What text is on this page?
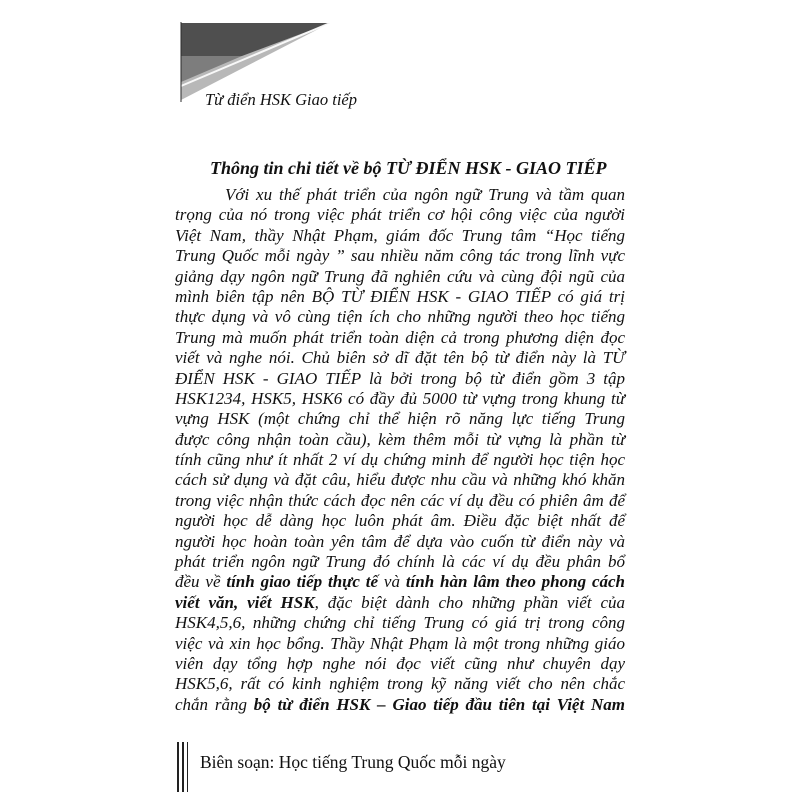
Từ điển HSK Giao tiếp
Thông tin chi tiết về bộ TỪ ĐIỂN HSK - GIAO TIẾP
Với xu thế phát triển của ngôn ngữ Trung và tầm quan
trọng của nó trong việc phát triển cơ hội công việc của người
Việt Nam, thầy Nhật Phạm, giám đốc Trung tâm “Học tiếng
Trung Quốc mỗi ngày ” sau nhiều năm công tác trong lĩnh vực
giảng dạy ngôn ngữ Trung đã nghiên cứu và cùng đội ngũ của
mình biên tập nên BỘ TỪ ĐIỂN HSK - GIAO TIẾP có giá trị
thực dụng và vô cùng tiện ích cho những người theo học tiếng
Trung mà muốn phát triển toàn diện cả trong phương diện đọc
viết và nghe nói. Chủ biên sở dĩ đặt tên bộ từ điển này là TỪ
ĐIỂN HSK - GIAO TIẾP là bởi trong bộ từ điển gồm 3 tập
HSK1234, HSK5, HSK6 có đầy đủ 5000 từ vựng trong khung từ
vựng HSK (một chứng chỉ thể hiện rõ năng lực tiếng Trung
được công nhận toàn cầu), kèm thêm mỗi từ vựng là phần từ
tính cũng như ít nhất 2 ví dụ chứng minh để người học tiện học
cách sử dụng và đặt câu, hiểu được nhu cầu và những khó khăn
trong việc nhận thức cách đọc nên các ví dụ đều có phiên âm để
người học dễ dàng học luôn phát âm. Điều đặc biệt nhất để
người học hoàn toàn yên tâm để dựa vào cuốn từ điển này và
phát triển ngôn ngữ Trung đó chính là các ví dụ đều phân bổ
đều về tính giao tiếp thực tế và tính hàn lâm theo phong cách
viết văn, viết HSK, đặc biệt dành cho những phần viết của
HSK4,5,6, những chứng chỉ tiếng Trung có giá trị trong công
việc và xin học bổng. Thầy Nhật Phạm là một trong những giáo
viên dạy tổng hợp nghe nói đọc viết cũng như chuyên dạy
HSK5,6, rất có kinh nghiệm trong kỹ năng viết cho nên chắc
chắn rằng bộ từ điển HSK – Giao tiếp đầu tiên tại Việt Nam
Biên soạn: Học tiếng Trung Quốc mỗi ngày
